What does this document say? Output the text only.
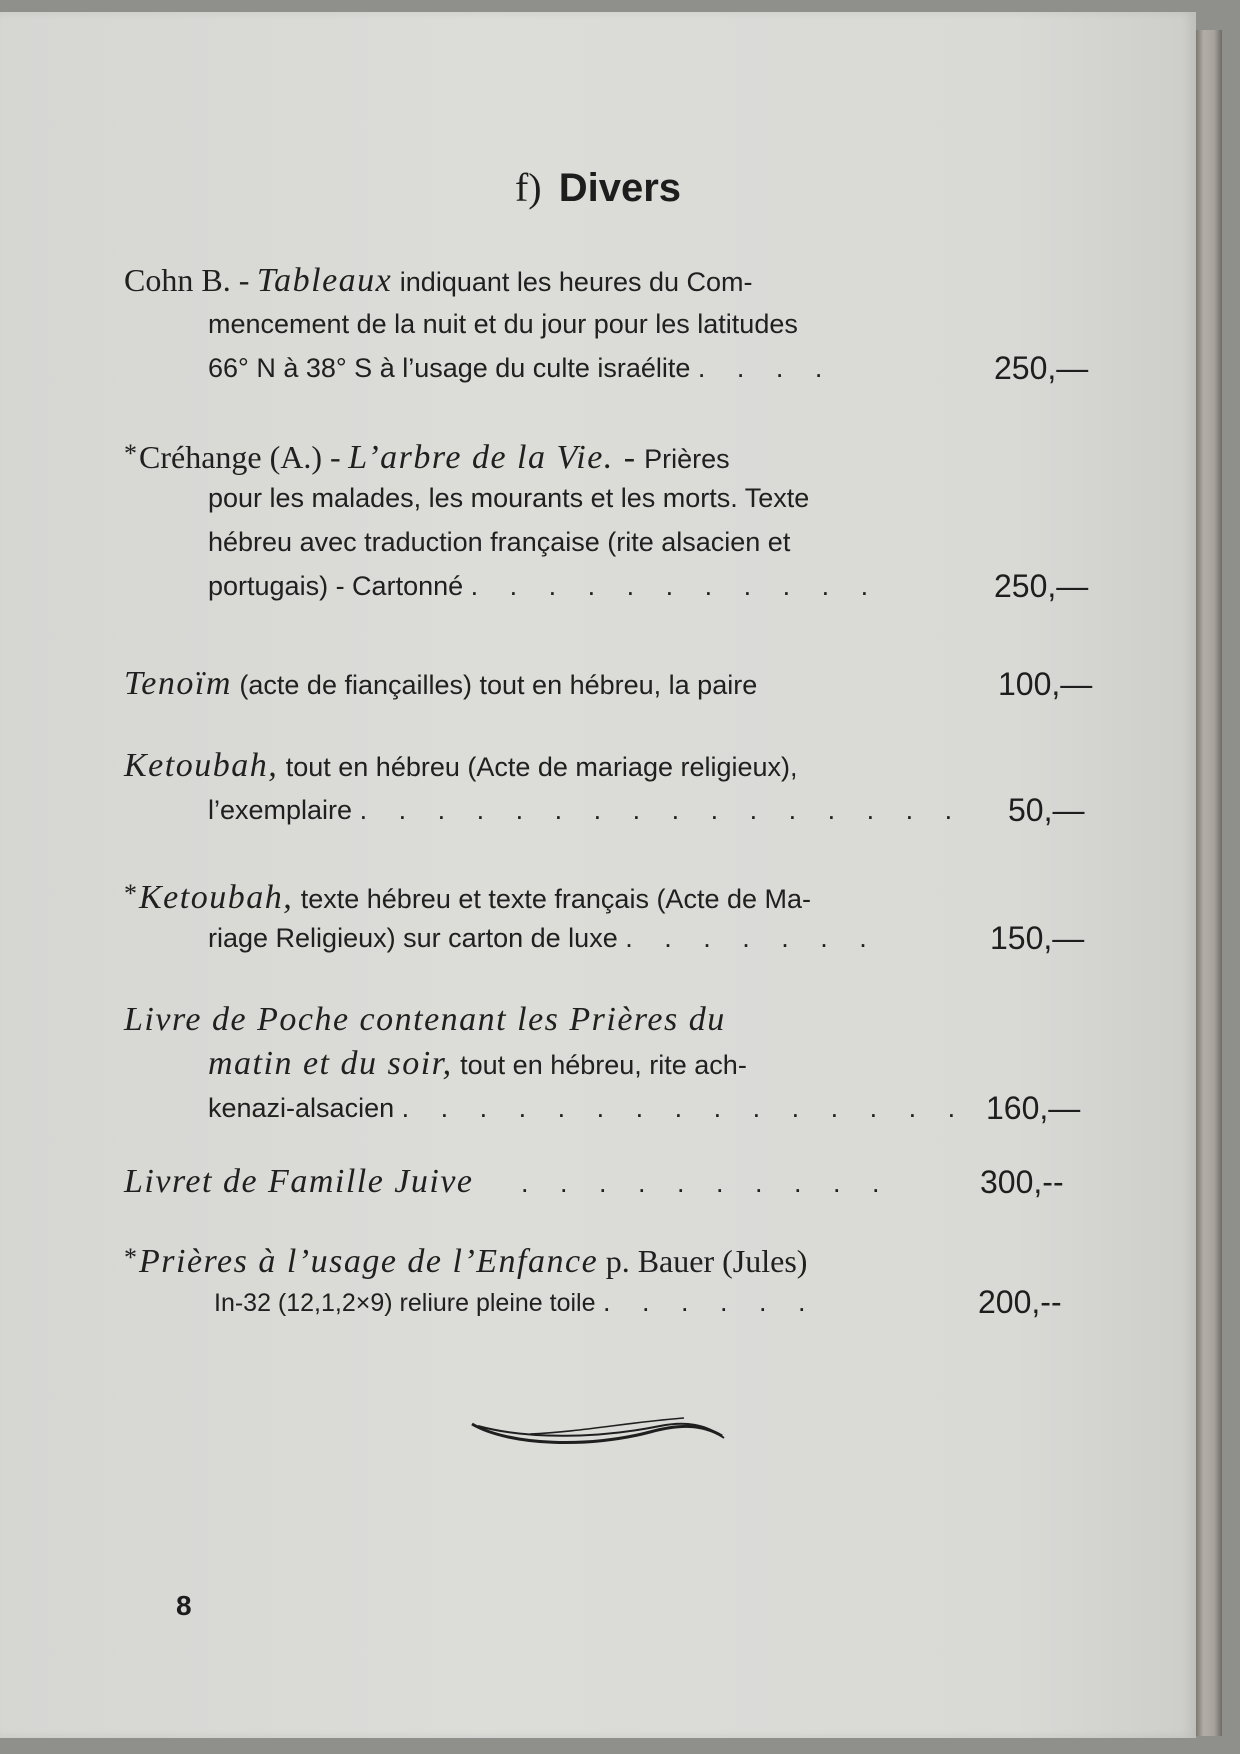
f) Divers
Cohn B. - Tableaux indiquant les heures du Com-
mencement de la nuit et du jour pour les latitudes
66° N à 38° S à l’usage du culte israélite . . . .	250,—
*Créhange (A.) - L’arbre de la Vie. - Prières
pour les malades, les mourants et les morts. Texte
hébreu avec traduction française (rite alsacien et
portugais) - Cartonné . . . . . . . . . . .	250,—
Tenoïm (acte de fiançailles) tout en hébreu, la paire	100,—
Ketoubah, tout en hébreu (Acte de mariage religieux),
l’exemplaire . . . . . . . . . . . . . . . . 50,—
*Ketoubah, texte hébreu et texte français (Acte de Ma-
riage Religieux) sur carton de luxe . . . . . . .	150,—
Livre de Poche contenant les Prières du
matin et du soir, tout en hébreu, rite ach-
kenazi-alsacien . . . . . . . . . . . . . . . 160,—
Livret de Famille Juive . . . . . . . . . .	300,--
*Prières à l’usage de l’Enfance p. Bauer (Jules)
In-32 (12,1,2×9) reliure pleine toile . . . . . .	200,--
8
